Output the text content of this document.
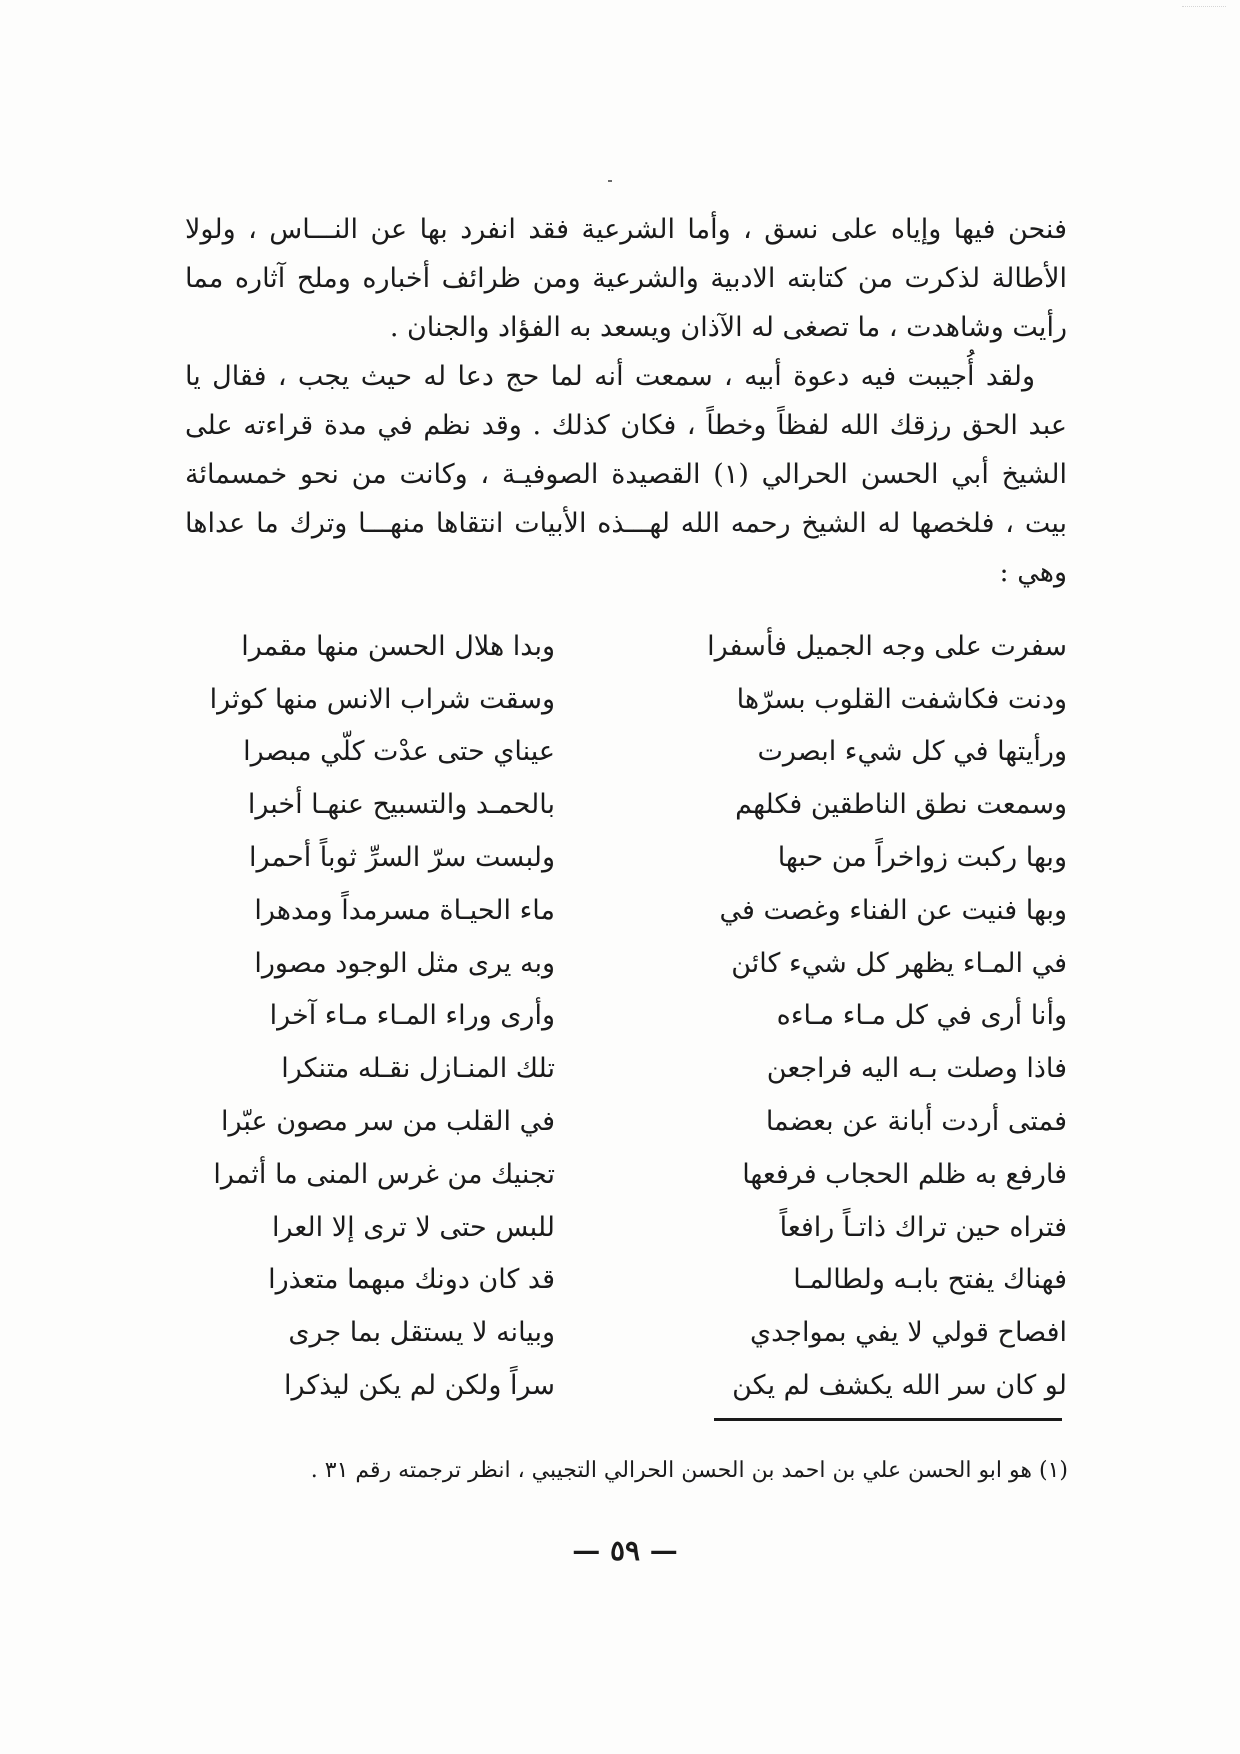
فنحن فيها وإياه على نسق ، وأما الشرعية فقد انفرد بها عن النـــاس ، ولولا الأطالة لذكرت من كتابته الادبية والشرعية ومن ظرائف أخباره وملح آثاره مما رأيت وشاهدت ، ما تصغى له الآذان ويسعد به الفؤاد والجنان .

ولقد أُجيبت فيه دعوة أبيه ، سمعت أنه لما حج دعا له حيث يجب ، فقال يا عبد الحق رزقك الله لفظاً وخطاً ، فكان كذلك . وقد نظم في مدة قراءته على الشيخ أبي الحسن الحرالي (١) القصيدة الصوفيـة ، وكانت من نحو خمسمائة بيت ، فلخصها له الشيخ رحمه الله لهـــذه الأبيات انتقاها منهـــا وترك ما عداها وهي :

سفرت على وجه الجميل فأسفرا
وبدا هلال الحسن منها مقمرا
ودنت فكاشفت القلوب بسرّها
وسقت شراب الانس منها كوثرا
ورأيتها في كل شيء ابصرت
عيناي حتى عدْت كلّي مبصرا
وسمعت نطق الناطقين فكلهم
بالحمـد والتسبيح عنهـا أخبرا
وبها ركبت زواخراً من حبها
ولبست سرّ السرِّ ثوباً أحمرا
وبها فنيت عن الفناء وغصت في
ماء الحيـاة مسرمداً ومدهرا
في المـاء يظهر كل شيء كائن
وبه يرى مثل الوجود مصورا
وأنا أرى في كل مـاء مـاءه
وأرى وراء المـاء مـاء آخرا
فاذا وصلت بـه اليه فراجعن
تلك المنـازل نقـله متنكرا
فمتى أردت أبانة عن بعضما
في القلب من سر مصون عبّرا
فارفع به ظلم الحجاب فرفعها
تجنيك من غرس المنى ما أثمرا
فتراه حين تراك ذاتـاً رافعاً
للبس حتى لا ترى إلا العرا
فهناك يفتح بابـه ولطالمـا
قد كان دونك مبهما متعذرا
افصاح قولي لا يفي بمواجدي
وبيانه لا يستقل بما جرى
لو كان سر الله يكشف لم يكن
سراً ولكن لم يكن ليذكرا
(١) هو ابو الحسن علي بن احمد بن الحسن الحرالي التجيبي ، انظر ترجمته رقم ٣١ .
— ٥٩ —
